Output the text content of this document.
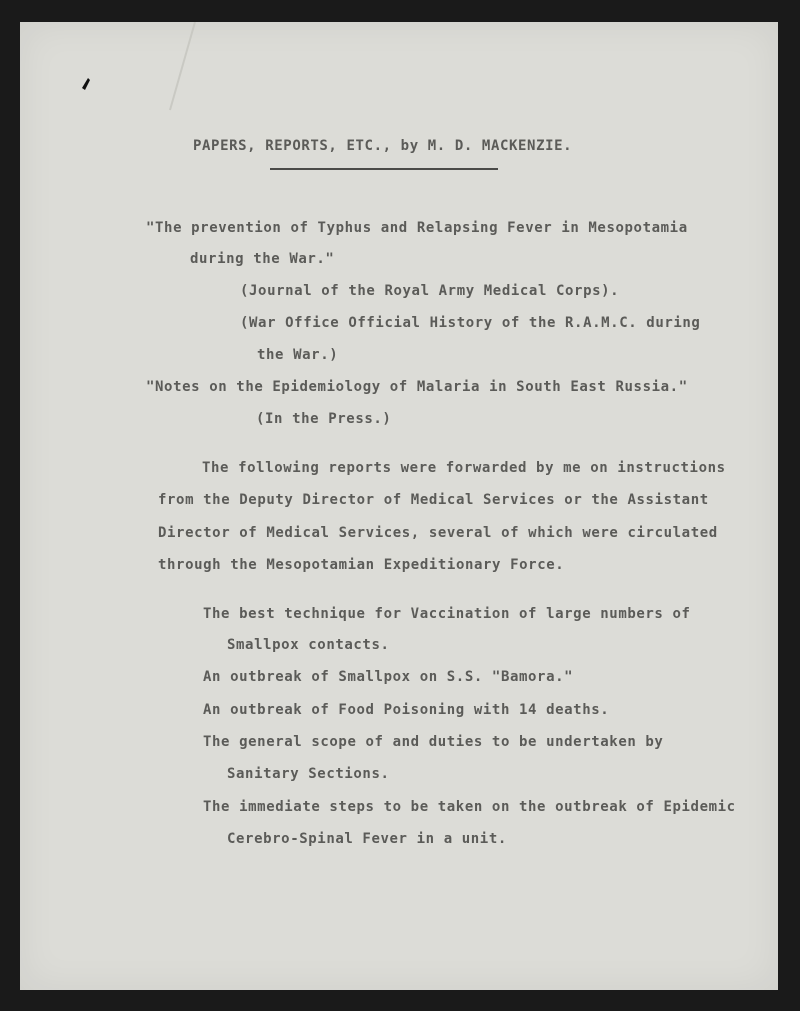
PAPERS, REPORTS, ETC., by M. D. MACKENZIE.
"The prevention of Typhus and Relapsing Fever in Mesopotamia
during the War."
(Journal of the Royal Army Medical Corps).
(War Office Official History of the R.A.M.C. during
the War.)
"Notes on the Epidemiology of Malaria in South East Russia."
(In the Press.)
The following reports were forwarded by me on instructions
from the Deputy Director of Medical Services or the Assistant
Director of Medical Services, several of which were circulated
through the Mesopotamian Expeditionary Force.
The best technique for Vaccination of large numbers of
Smallpox contacts.
An outbreak of Smallpox on S.S. "Bamora."
An outbreak of Food Poisoning with 14 deaths.
The general scope of and duties to be undertaken by
Sanitary Sections.
The immediate steps to be taken on the outbreak of Epidemic
Cerebro-Spinal Fever in a unit.
